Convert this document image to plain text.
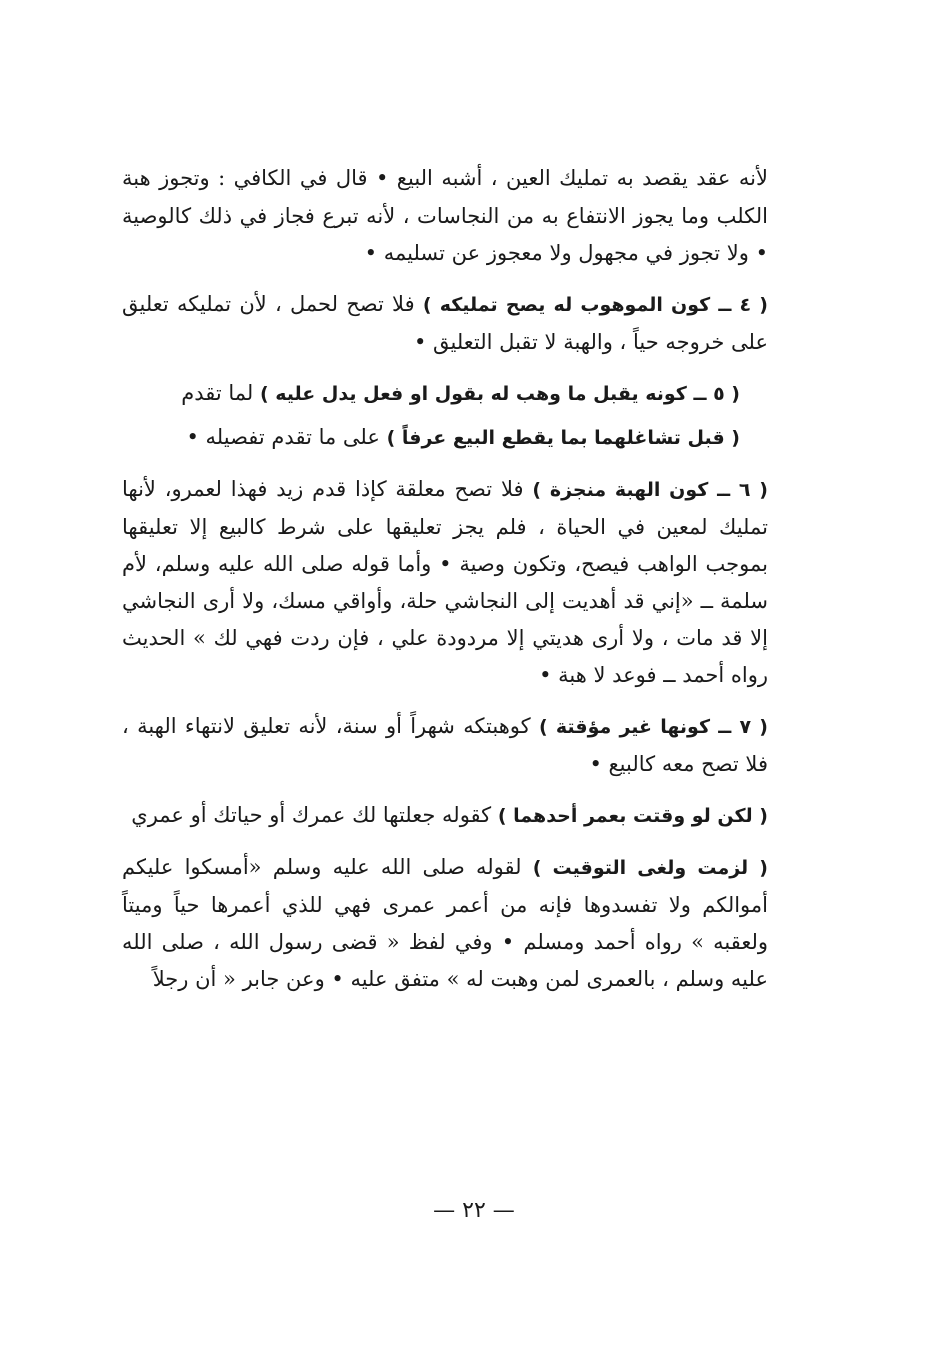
لأنه عقد يقصد به تمليك العين ، أشبه البيع • قال في الكافي : وتجوز هبة الكلب وما يجوز الانتفاع به من النجاسات ، لأنه تبرع فجاز في ذلك كالوصية • ولا تجوز في مجهول ولا معجوز عن تسليمه •

( ٤ ــ كون الموهوب له يصح تمليكه ) فلا تصح لحمل ، لأن تمليكه تعليق على خروجه حياً ، والهبة لا تقبل التعليق •

( ٥ ــ كونه يقبل ما وهب له بقول او فعل يدل عليه ) لما تقدم

( قبل تشاغلهما بما يقطع البيع عرفاً ) على ما تقدم تفصيله •

( ٦ ــ كون الهبة منجزة ) فلا تصح معلقة كإذا قدم زيد فهذا لعمرو، لأنها تمليك لمعين في الحياة ، فلم يجز تعليقها على شرط كالبيع إلا تعليقها بموجب الواهب فيصح، وتكون وصية • وأما قوله صلى الله عليه وسلم، لأم سلمة ــ «إني قد أهديت إلى النجاشي حلة، وأواقي مسك، ولا أرى النجاشي إلا قد مات ، ولا أرى هديتي إلا مردودة علي ، فإن ردت فهي لك » الحديث رواه أحمد ــ فوعد لا هبة •

( ٧ ــ كونها غير مؤقتة ) كوهبتكه شهراً أو سنة، لأنه تعليق لانتهاء الهبة ، فلا تصح معه كالبيع •

( لكن لو وقتت بعمر أحدهما ) كقوله جعلتها لك عمرك أو حياتك أو عمري

( لزمت ولغى التوقيت ) لقوله صلى الله عليه وسلم «أمسكوا عليكم أموالكم ولا تفسدوها فإنه من أعمر عمرى فهي للذي أعمرها حياً وميتاً ولعقبه » رواه أحمد ومسلم • وفي لفظ « قضى رسول الله ، صلى الله عليه وسلم ، بالعمرى لمن وهبت له » متفق عليه • وعن جابر « أن رجلاً

— ٢٢ —
